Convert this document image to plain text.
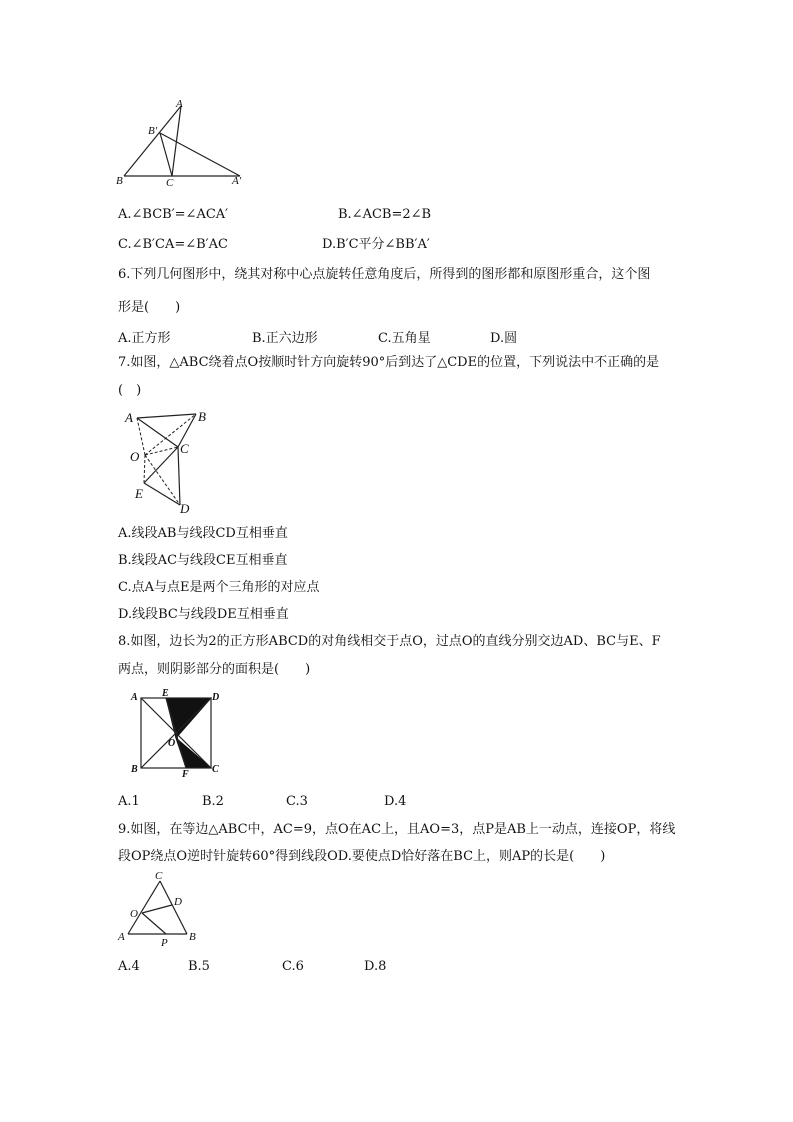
A
B′
B	C	A′
A.∠BCB′=∠ACA′	B.∠ACB=2∠B
C.∠B′CA=∠B′AC	D.B′C平分∠BB′A′
6.下列几何图形中，绕其对称中心点旋转任意角度后，所得到的图形都和原图形重合，这个图
形是(　　)
A.正方形	B.正六边形	C.五角星	D.圆
7.如图，△ABC绕着点O按顺时针方向旋转90°后到达了△CDE的位置，下列说法中不正确的是
(　)
A	B
O
C
E
D
A.线段AB与线段CD互相垂直
B.线段AC与线段CE互相垂直
C.点A与点E是两个三角形的对应点
D.线段BC与线段DE互相垂直
8.如图，边长为2的正方形ABCD的对角线相交于点O，过点O的直线分别交边AD、BC与E、F
两点，则阴影部分的面积是(　　)
A E	D
O
B	F C
A.1	B.2	C.3	D.4
9.如图，在等边△ABC中，AC=9，点O在AC上，且AO=3，点P是AB上一动点，连接OP，将线
段OP绕点O逆时针旋转60°得到线段OD.要使点D恰好落在BC上，则AP的长是(　　)
C
D
O
A	P B
A.4	B.5	C.6	D.8
